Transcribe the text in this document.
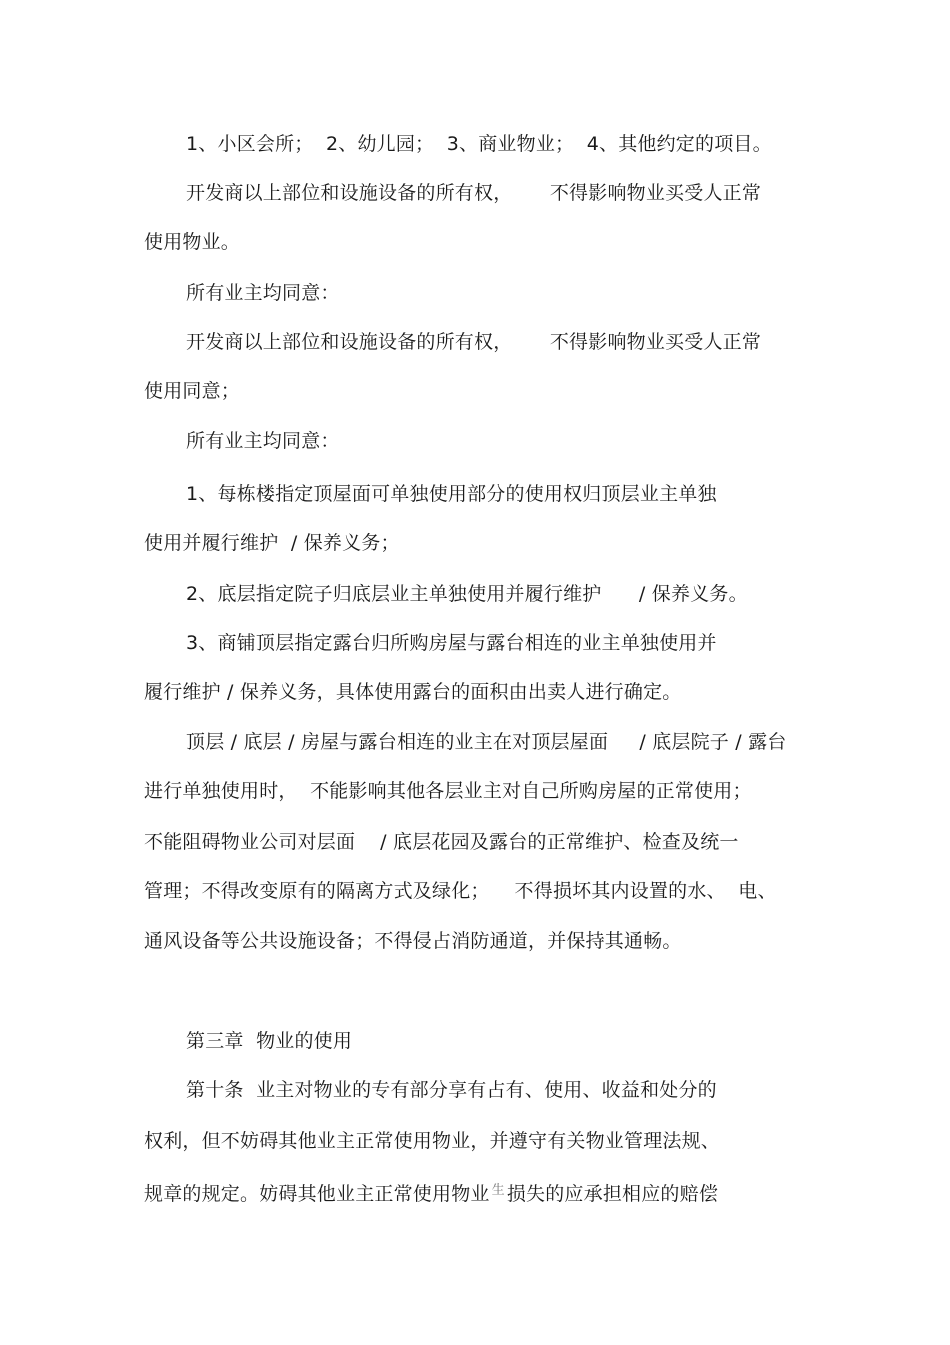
1、小区会所；  2、幼儿园；  3、商业物业；  4、其他约定的项目。
开发商以上部位和设施设备的所有权，      不得影响物业买受人正常
使用物业。
所有业主均同意：
开发商以上部位和设施设备的所有权，      不得影响物业买受人正常
使用同意；
所有业主均同意：
1、每栋楼指定顶屋面可单独使用部分的使用权归顶层业主单独
使用并履行维护  / 保养义务；
2、底层指定院子归底层业主单独使用并履行维护      / 保养义务。
3、商铺顶层指定露台归所购房屋与露台相连的业主单独使用并
履行维护 / 保养义务，具体使用露台的面积由出卖人进行确定。
顶层 / 底层 / 房屋与露台相连的业主在对顶层屋面     / 底层院子 / 露台
进行单独使用时，  不能影响其他各层业主对自己所购房屋的正常使用；
不能阻碍物业公司对层面    / 底层花园及露台的正常维护、检查及统一
管理；不得改变原有的隔离方式及绿化；    不得损坏其内设置的水、  电、
通风设备等公共设施设备；不得侵占消防通道，并保持其通畅。
第三章  物业的使用
第十条  业主对物业的专有部分享有占有、使用、收益和处分的
权利，但不妨碍其他业主正常使用物业，并遵守有关物业管理法规、
规章的规定。妨碍其他业主正常使用物业 $^生$ 损失的应承担相应的赔偿
